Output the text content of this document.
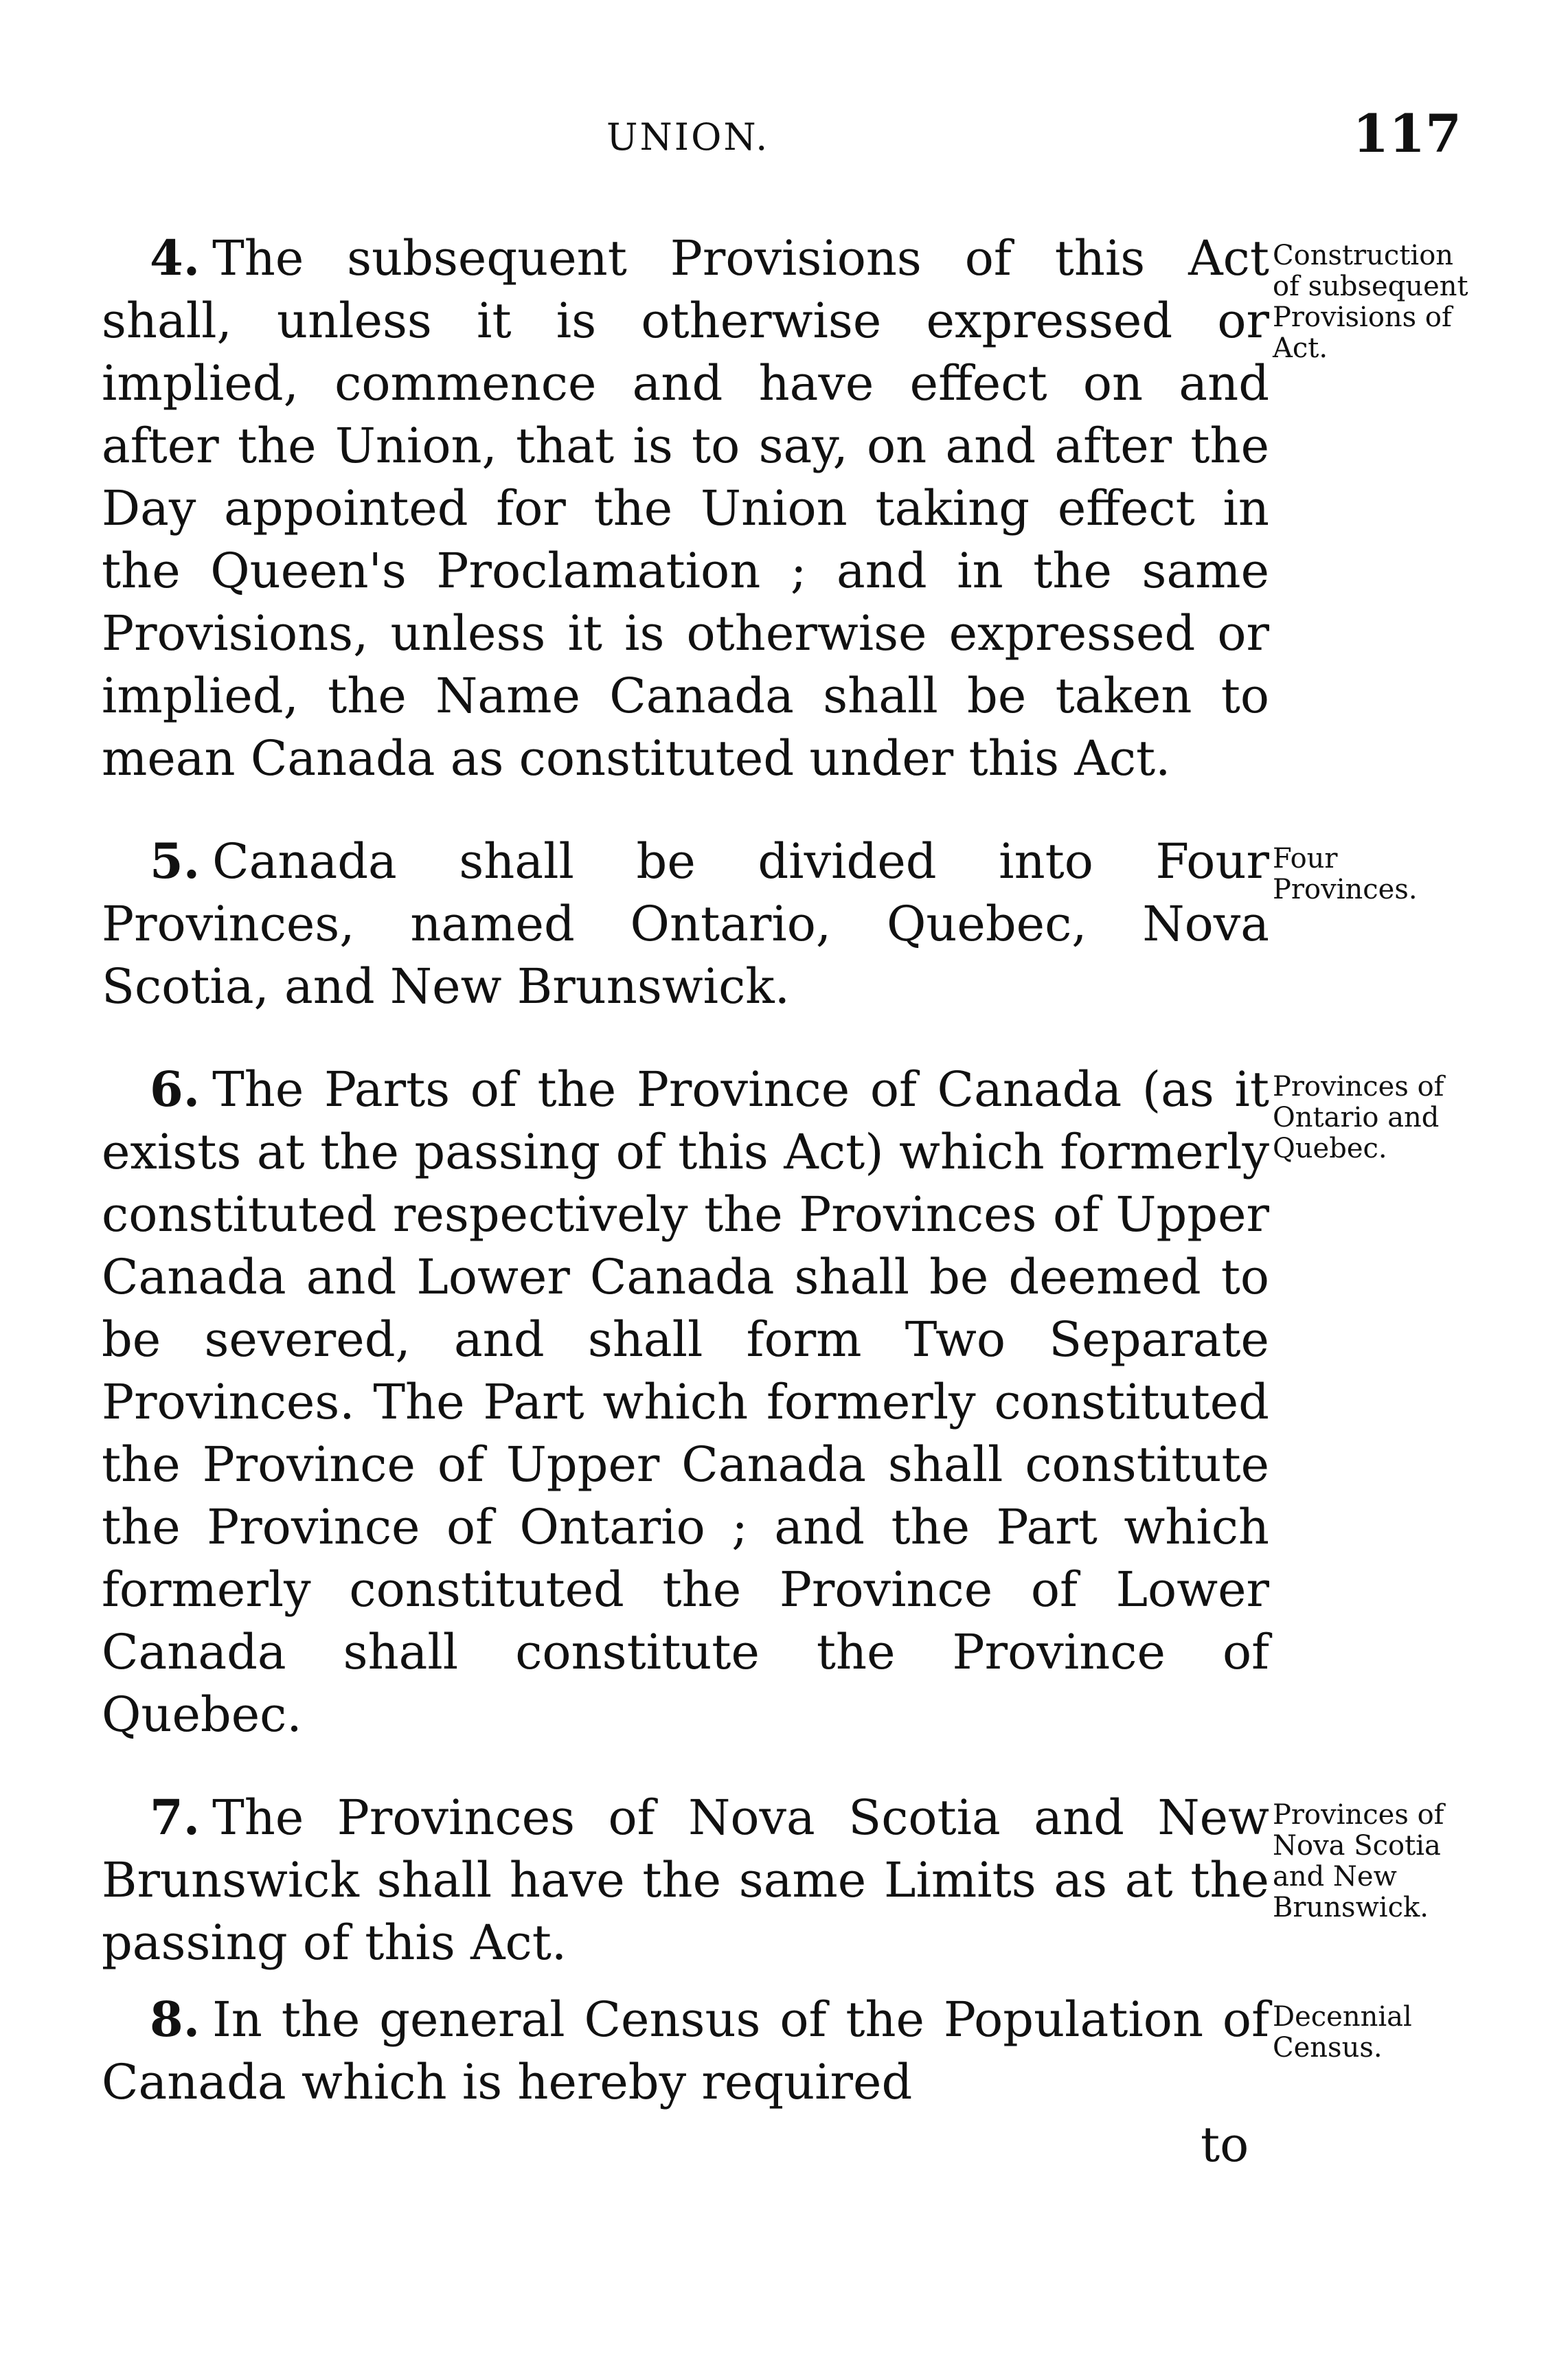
UNION.	117
4. The subsequent Provisions of this Act shall, unless it is otherwise expressed or implied, commence and have effect on and after the Union, that is to say, on and after the Day appointed for the Union taking effect in the Queen's Proclamation ; and in the same Provisions, unless it is otherwise expressed or implied, the Name Canada shall be taken to mean Canada as constituted under this Act.
Construction of subsequent Provisions of Act.
5. Canada shall be divided into Four Provinces, named Ontario, Quebec, Nova Scotia, and New Brunswick.
Four Provinces.
6. The Parts of the Province of Canada (as it exists at the passing of this Act) which formerly constituted respectively the Provinces of Upper Canada and Lower Canada shall be deemed to be severed, and shall form Two Separate Provinces. The Part which formerly constituted the Province of Upper Canada shall constitute the Province of Ontario ; and the Part which formerly constituted the Province of Lower Canada shall constitute the Province of Quebec.
Provinces of Ontario and Quebec.
7. The Provinces of Nova Scotia and New Brunswick shall have the same Limits as at the passing of this Act.
Provinces of Nova Scotia and New Brunswick.
8. In the general Census of the Population of Canada which is hereby required
Decennial Census.
to
